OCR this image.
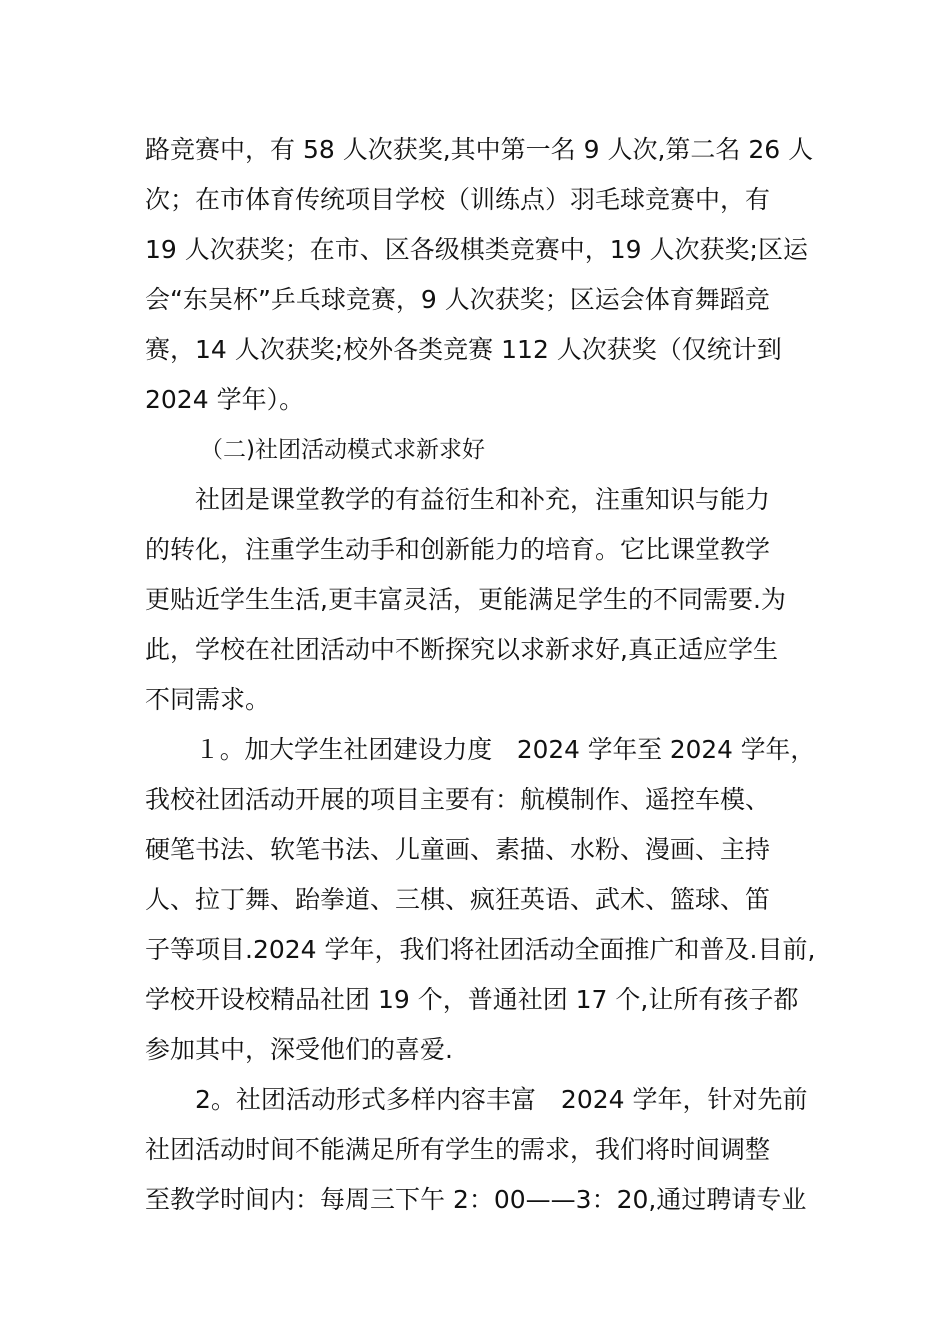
路竞赛中，有 58 人次获奖,其中第一名 9 人次,第二名 26 人
次；在市体育传统项目学校（训练点）羽毛球竞赛中，有
19 人次获奖；在市、区各级棋类竞赛中，19 人次获奖;区运
会“东吴杯”乒乓球竞赛，9 人次获奖；区运会体育舞蹈竞
赛，14 人次获奖;校外各类竞赛 112 人次获奖（仅统计到
2024 学年）。
（二)社团活动模式求新求好
社团是课堂教学的有益衍生和补充，注重知识与能力
的转化，注重学生动手和创新能力的培育。它比课堂教学
更贴近学生生活,更丰富灵活，更能满足学生的不同需要.为
此，学校在社团活动中不断探究以求新求好,真正适应学生
不同需求。
１。加大学生社团建设力度　2024 学年至 2024 学年，
我校社团活动开展的项目主要有：航模制作、遥控车模、
硬笔书法、软笔书法、儿童画、素描、水粉、漫画、主持
人、拉丁舞、跆拳道、三棋、疯狂英语、武术、篮球、笛
子等项目.2024 学年，我们将社团活动全面推广和普及.目前,
学校开设校精品社团 19 个，普通社团 17 个,让所有孩子都
参加其中，深受他们的喜爱.
2。社团活动形式多样内容丰富　2024 学年，针对先前
社团活动时间不能满足所有学生的需求，我们将时间调整
至教学时间内：每周三下午 2：00——3：20,通过聘请专业
